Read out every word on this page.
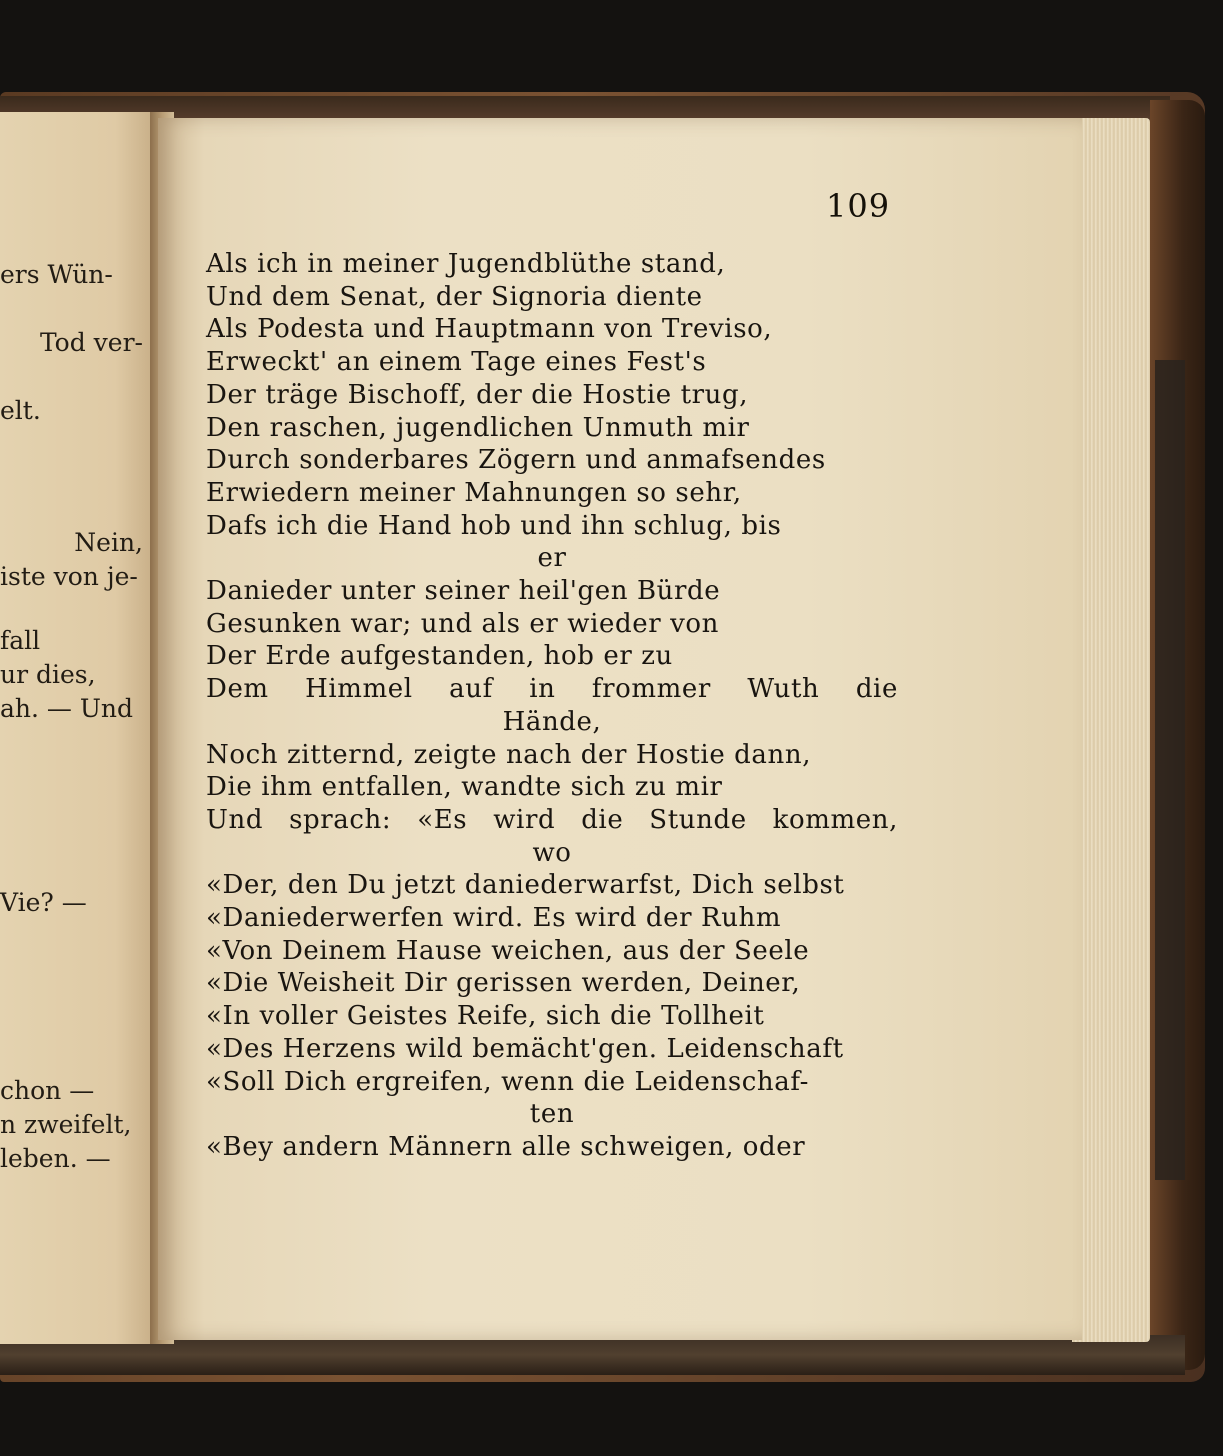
ers Wün-
Tod ver-
elt.
Nein,
iste von je-
fall
ur dies,
ah. — Und
Vie? —
chon —
n zweifelt,
leben. —
109
Als ich in meiner Jugendblüthe stand,
Und dem Senat, der Signoria diente
Als Podesta und Hauptmann von Treviso,
Erweckt' an einem Tage eines Fest's
Der träge Bischoff, der die Hostie trug,
Den raschen, jugendlichen Unmuth mir
Durch sonderbares Zögern und anmafsendes
Erwiedern meiner Mahnungen so sehr,
Dafs ich die Hand hob und ihn schlug, bis
er
Danieder unter seiner heil'gen Bürde
Gesunken war; und als er wieder von
Der Erde aufgestanden, hob er zu
Dem Himmel auf in frommer Wuth die
Hände,
Noch zitternd, zeigte nach der Hostie dann,
Die ihm entfallen, wandte sich zu mir
Und sprach: «Es wird die Stunde kommen,
wo
«Der, den Du jetzt daniederwarfst, Dich selbst
«Daniederwerfen wird. Es wird der Ruhm
«Von Deinem Hause weichen, aus der Seele
«Die Weisheit Dir gerissen werden, Deiner,
«In voller Geistes Reife, sich die Tollheit
«Des Herzens wild bemächt'gen. Leidenschaft
«Soll Dich ergreifen, wenn die Leidenschaf-
ten
«Bey andern Männern alle schweigen, oder
